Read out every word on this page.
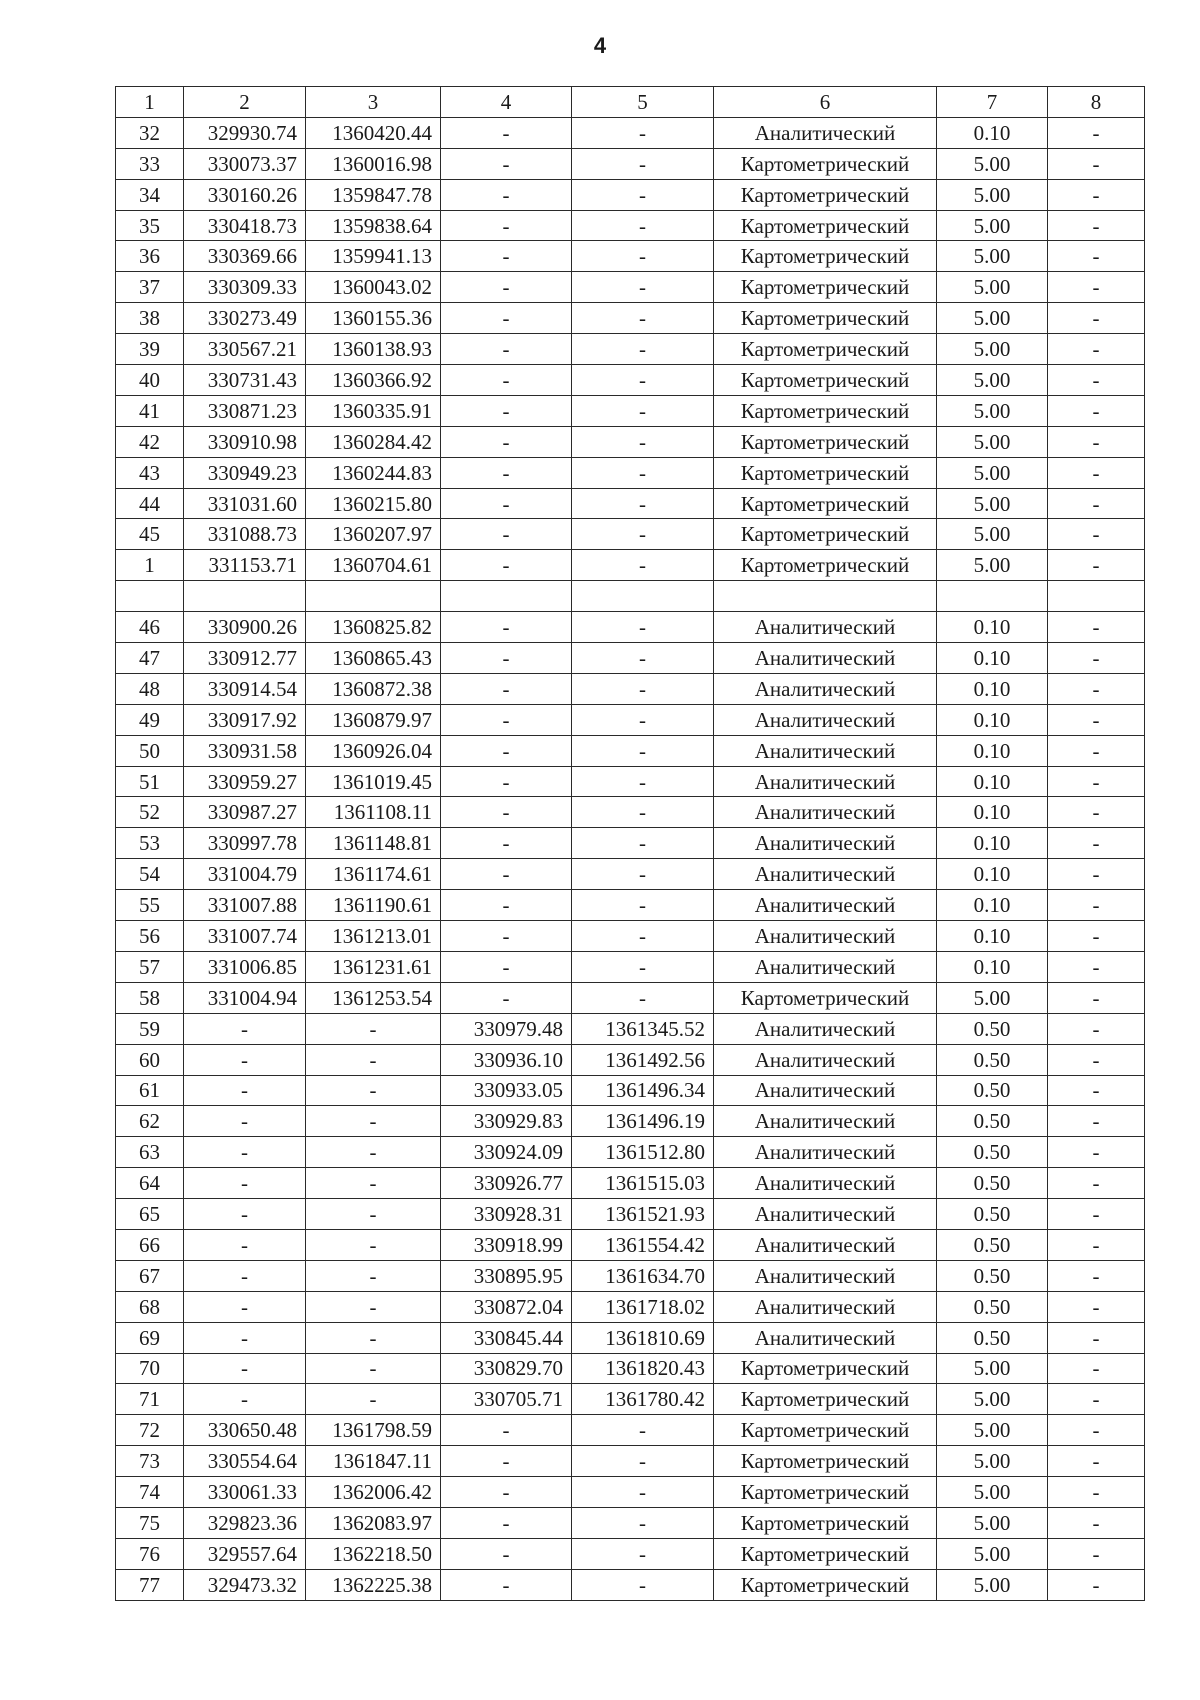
4
1	2	3	4	5	6	7	8
32	329930.74	1360420.44	-	-	Аналитический	0.10	-
33	330073.37	1360016.98	-	-	Картометрический	5.00	-
34	330160.26	1359847.78	-	-	Картометрический	5.00	-
35	330418.73	1359838.64	-	-	Картометрический	5.00	-
36	330369.66	1359941.13	-	-	Картометрический	5.00	-
37	330309.33	1360043.02	-	-	Картометрический	5.00	-
38	330273.49	1360155.36	-	-	Картометрический	5.00	-
39	330567.21	1360138.93	-	-	Картометрический	5.00	-
40	330731.43	1360366.92	-	-	Картометрический	5.00	-
41	330871.23	1360335.91	-	-	Картометрический	5.00	-
42	330910.98	1360284.42	-	-	Картометрический	5.00	-
43	330949.23	1360244.83	-	-	Картометрический	5.00	-
44	331031.60	1360215.80	-	-	Картометрический	5.00	-
45	331088.73	1360207.97	-	-	Картометрический	5.00	-
1	331153.71	1360704.61	-	-	Картометрический	5.00	-

46	330900.26	1360825.82	-	-	Аналитический	0.10	-
47	330912.77	1360865.43	-	-	Аналитический	0.10	-
48	330914.54	1360872.38	-	-	Аналитический	0.10	-
49	330917.92	1360879.97	-	-	Аналитический	0.10	-
50	330931.58	1360926.04	-	-	Аналитический	0.10	-
51	330959.27	1361019.45	-	-	Аналитический	0.10	-
52	330987.27	1361108.11	-	-	Аналитический	0.10	-
53	330997.78	1361148.81	-	-	Аналитический	0.10	-
54	331004.79	1361174.61	-	-	Аналитический	0.10	-
55	331007.88	1361190.61	-	-	Аналитический	0.10	-
56	331007.74	1361213.01	-	-	Аналитический	0.10	-
57	331006.85	1361231.61	-	-	Аналитический	0.10	-
58	331004.94	1361253.54	-	-	Картометрический	5.00	-
59	-	-	330979.48	1361345.52	Аналитический	0.50	-
60	-	-	330936.10	1361492.56	Аналитический	0.50	-
61	-	-	330933.05	1361496.34	Аналитический	0.50	-
62	-	-	330929.83	1361496.19	Аналитический	0.50	-
63	-	-	330924.09	1361512.80	Аналитический	0.50	-
64	-	-	330926.77	1361515.03	Аналитический	0.50	-
65	-	-	330928.31	1361521.93	Аналитический	0.50	-
66	-	-	330918.99	1361554.42	Аналитический	0.50	-
67	-	-	330895.95	1361634.70	Аналитический	0.50	-
68	-	-	330872.04	1361718.02	Аналитический	0.50	-
69	-	-	330845.44	1361810.69	Аналитический	0.50	-
70	-	-	330829.70	1361820.43	Картометрический	5.00	-
71	-	-	330705.71	1361780.42	Картометрический	5.00	-
72	330650.48	1361798.59	-	-	Картометрический	5.00	-
73	330554.64	1361847.11	-	-	Картометрический	5.00	-
74	330061.33	1362006.42	-	-	Картометрический	5.00	-
75	329823.36	1362083.97	-	-	Картометрический	5.00	-
76	329557.64	1362218.50	-	-	Картометрический	5.00	-
77	329473.32	1362225.38	-	-	Картометрический	5.00	-
